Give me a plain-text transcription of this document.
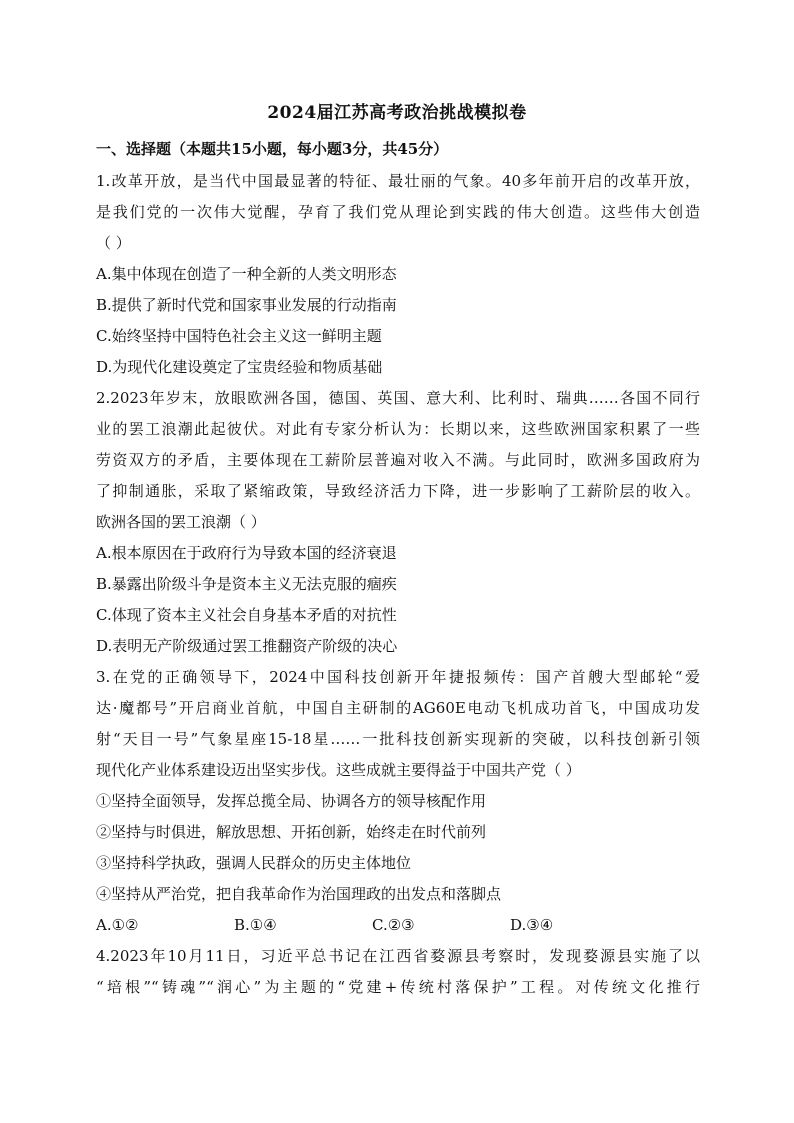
2024届江苏高考政治挑战模拟卷
一、选择题（本题共15小题，每小题3分，共45分）
1.改革开放，是当代中国最显著的特征、最壮丽的气象。40多年前开启的改革开放，
是我们党的一次伟大觉醒，孕育了我们党从理论到实践的伟大创造。这些伟大创造
（ ）
A.集中体现在创造了一种全新的人类文明形态
B.提供了新时代党和国家事业发展的行动指南
C.始终坚持中国特色社会主义这一鲜明主题
D.为现代化建设奠定了宝贵经验和物质基础
2.2023年岁末，放眼欧洲各国，德国、英国、意大利、比利时、瑞典……各国不同行
业的罢工浪潮此起彼伏。对此有专家分析认为：长期以来，这些欧洲国家积累了一些
劳资双方的矛盾，主要体现在工薪阶层普遍对收入不满。与此同时，欧洲多国政府为
了抑制通胀，采取了紧缩政策，导致经济活力下降，进一步影响了工薪阶层的收入。
欧洲各国的罢工浪潮（ ）
A.根本原因在于政府行为导致本国的经济衰退
B.暴露出阶级斗争是资本主义无法克服的痼疾
C.体现了资本主义社会自身基本矛盾的对抗性
D.表明无产阶级通过罢工推翻资产阶级的决心
3.在党的正确领导下，2024中国科技创新开年捷报频传：国产首艘大型邮轮“爱
达·魔都号”开启商业首航，中国自主研制的AG60E电动飞机成功首飞，中国成功发
射“天目一号”气象星座15-18星……一批科技创新实现新的突破，以科技创新引领
现代化产业体系建设迈出坚实步伐。这些成就主要得益于中国共产党（ ）
①坚持全面领导，发挥总揽全局、协调各方的领导核配作用
②坚持与时俱进，解放思想、开拓创新，始终走在时代前列
③坚持科学执政，强调人民群众的历史主体地位
④坚持从严治党，把自我革命作为治国理政的出发点和落脚点
A.①②	B.①④	C.②③	D.③④
4.2023年10月11日，习近平总书记在江西省婺源县考察时，发现婺源县实施了以
“培根”“铸魂”“润心”为主题的“党建+传统村落保护”工程。对传统文化推行
